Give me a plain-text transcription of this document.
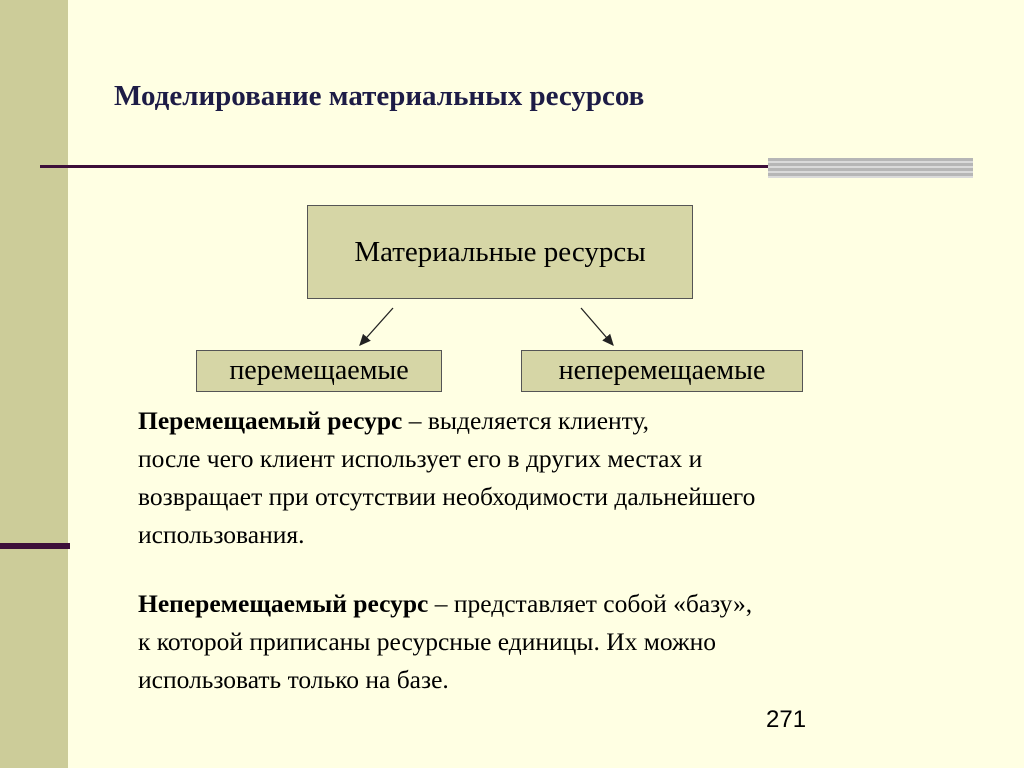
Моделирование материальных ресурсов
Материальные ресурсы
перемещаемые	неперемещаемые

Перемещаемый ресурс – выделяется клиенту,
после чего клиент использует его в других местах и
возвращает при отсутствии необходимости дальнейшего
использования.

Неперемещаемый ресурс – представляет собой «базу»,
к которой приписаны ресурсные единицы. Их можно
использовать только на базе.

271
